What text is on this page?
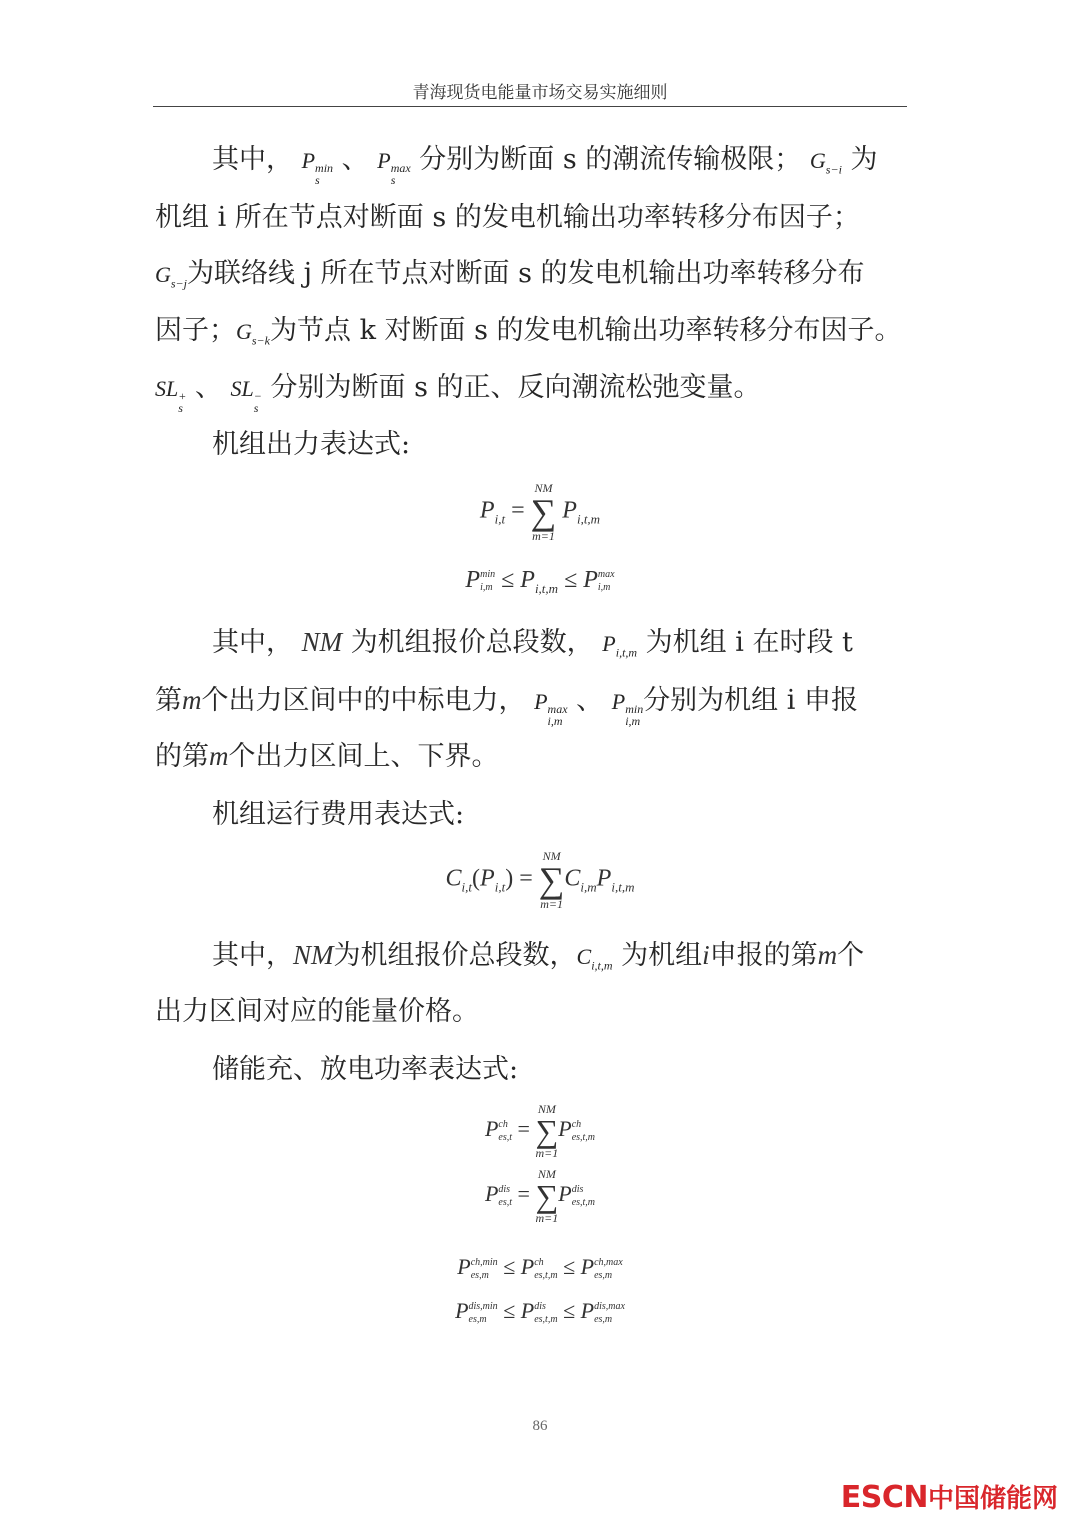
青海现货电能量市场交易实施细则
其中， P min
s
、 P max
s
分别为断面 s 的潮流传输极限； $G_{s-i}$ 为
机组 i 所在节点对断面 s 的发电机输出功率转移分布因子；
$G_{s-j}$为联络线 j 所在节点对断面 s 的发电机输出功率转移分布
因子；$G_{s-k}$为节点 k 对断面 s 的发电机输出功率转移分布因子。
SL +
s
、 SL −
s
分别为断面 s 的正、反向潮流松弛变量。
机组出力表达式:
$P_{i,t}$ =
NM
∑
m=1
$P_{i,t,m}$
P min
$i,m \le P_{i,t,m} \le P$ max
i,m
其中， NM 为机组报价总段数， $P_{i,t,m}$ 为机组 i 在时段 t
第m个出力区间中的中标电力， P max
i,m
、 P min
i,m
分别为机组 i 申报
的第m个出力区间上、下界。
机组运行费用表达式:
$C_{i,t}(P_{i,t})$ =
NM
∑
m=1
$C_{i,m}P_{i,t,m}$
其中，NM为机组报价总段数，$C_{i,t,m}$ 为机组i申报的第m个
出力区间对应的能量价格。
储能充、放电功率表达式:
P ch
es,t =
NM
∑
m=1
P ch
es,t,m
P dis
es,t =
NM
∑
m=1
P dis
es,t,m
P ch,min
es,m ≤ P ch
es,t,m ≤ P ch,max
es,m
P dis,min
es,m ≤ P dis
es,t,m ≤ P dis,max
es,m
86
ESCN中国储能网
